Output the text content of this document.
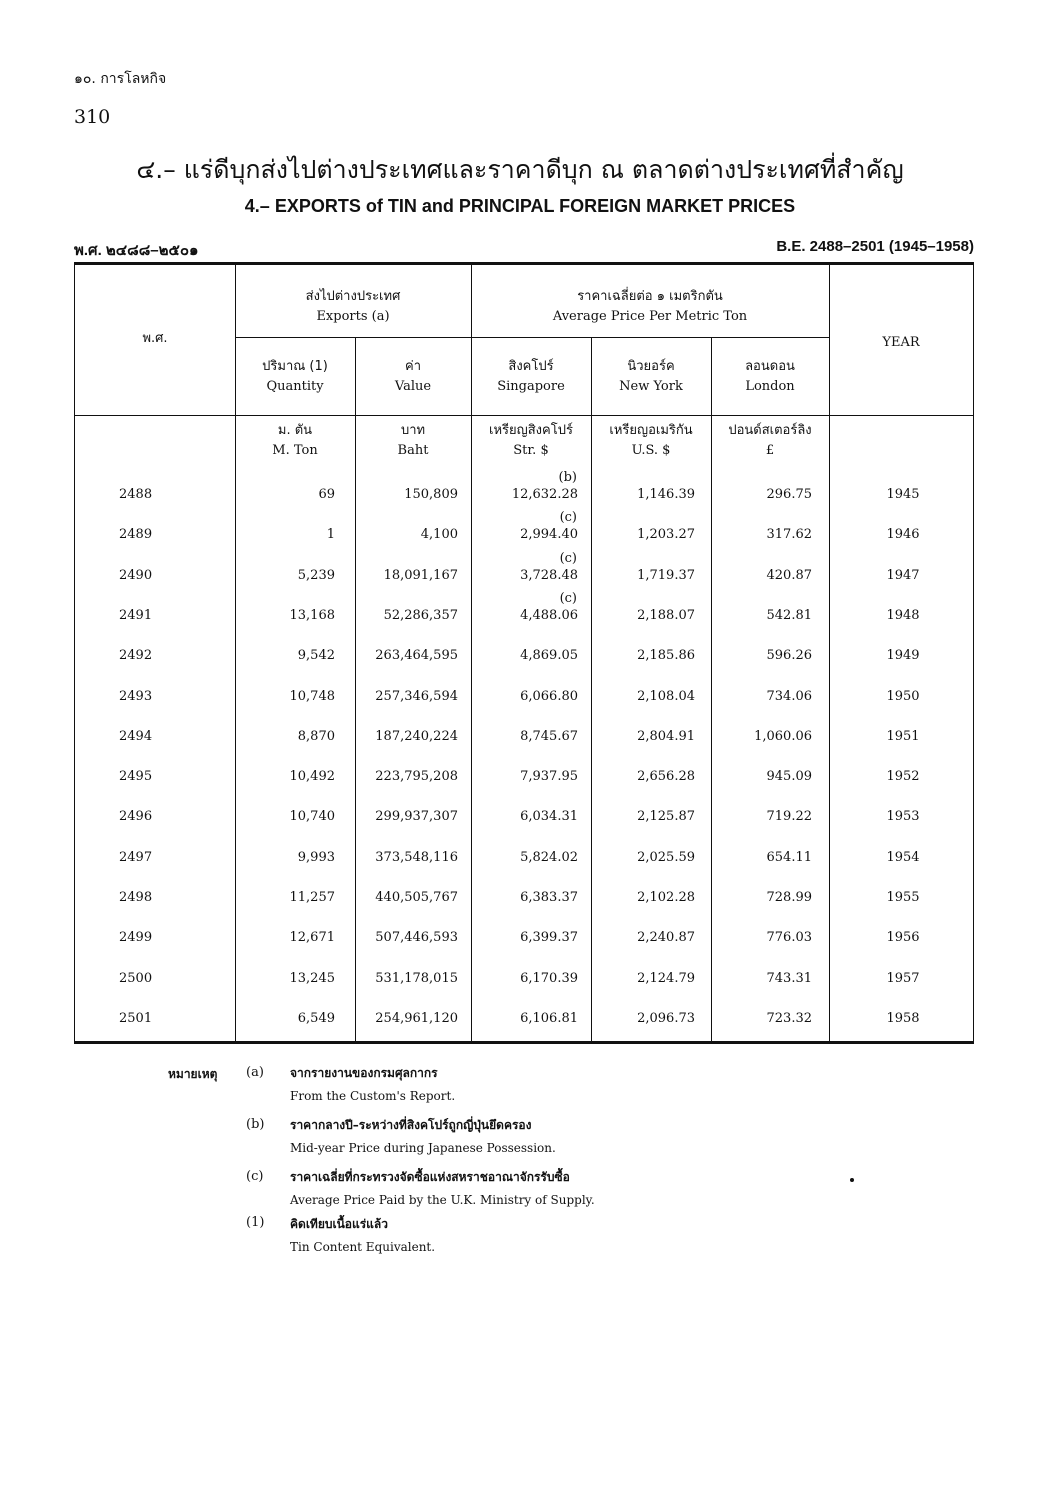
๑๐. การโลหกิจ
310
๔.– แร่ดีบุกส่งไปต่างประเทศและราคาดีบุก ณ ตลาดต่างประเทศที่สำคัญ
4.– EXPORTS of TIN and PRINCIPAL FOREIGN MARKET PRICES
พ.ศ. ๒๔๘๘–๒๕๐๑	B.E. 2488–2501 (1945–1958)
พ.ศ.	YEAR
ส่งไปต่างประเทศ
Exports (a)
ราคาเฉลี่ยต่อ ๑ เมตริกตัน
Average Price Per Metric Ton
ปริมาณ (1)
Quantity
ค่า
Value
สิงคโปร์
Singapore
นิวยอร์ค
New York
ลอนดอน
London
ม. ตัน
M. Ton
บาท
Baht
เหรียญสิงคโปร์
Str. $
เหรียญอเมริกัน
U.S. $
ปอนด์สเตอร์ลิง
£
2488	69	150,809	12,632.28	1,146.39	296.75	1945
(b)
2489	1	4,100	2,994.40	1,203.27	317.62	1946
(c)
2490	5,239	18,091,167	3,728.48	1,719.37	420.87	1947
(c)
2491	13,168	52,286,357	4,488.06	2,188.07	542.81	1948
(c)
2492	9,542	263,464,595	4,869.05	2,185.86	596.26	1949
2493	10,748	257,346,594	6,066.80	2,108.04	734.06	1950
2494	8,870	187,240,224	8,745.67	2,804.91	1,060.06	1951
2495	10,492	223,795,208	7,937.95	2,656.28	945.09	1952
2496	10,740	299,937,307	6,034.31	2,125.87	719.22	1953
2497	9,993	373,548,116	5,824.02	2,025.59	654.11	1954
2498	11,257	440,505,767	6,383.37	2,102.28	728.99	1955
2499	12,671	507,446,593	6,399.37	2,240.87	776.03	1956
2500	13,245	531,178,015	6,170.39	2,124.79	743.31	1957
2501	6,549	254,961,120	6,106.81	2,096.73	723.32	1958
หมายเหตุ (a) จากรายงานของกรมศุลกากร
From the Custom's Report.
(b) ราคากลางปี–ระหว่างที่สิงคโปร์ถูกญี่ปุ่นยึดครอง
Mid-year Price during Japanese Possession.
(c) ราคาเฉลี่ยที่กระทรวงจัดซื้อแห่งสหราชอาณาจักรรับซื้อ
Average Price Paid by the U.K. Ministry of Supply.
(1) คิดเทียบเนื้อแร่แล้ว
Tin Content Equivalent.
